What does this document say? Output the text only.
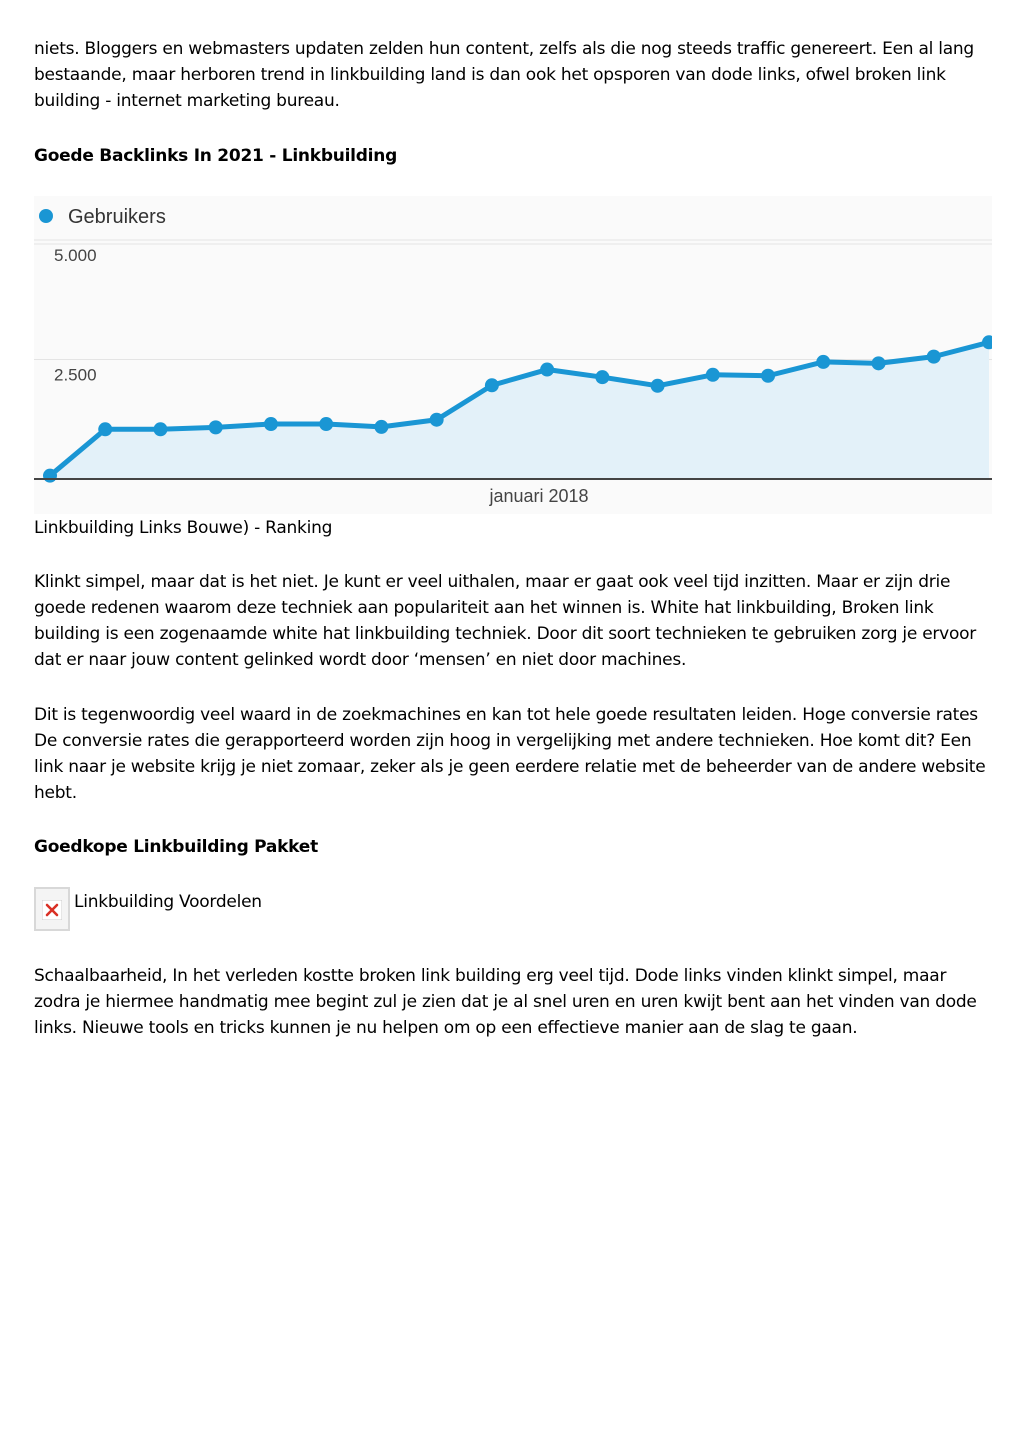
niets. Bloggers en webmasters updaten zelden hun content, zelfs als die nog steeds traffic genereert. Een al lang bestaande, maar herboren trend in linkbuilding land is dan ook het opsporen van dode links, ofwel broken link building - internet marketing bureau.

Goede Backlinks In 2021 - Linkbuilding
Gebruikers
5.000
2.500
januari 2018

Linkbuilding Links Bouwe) - Ranking

Klinkt simpel, maar dat is het niet. Je kunt er veel uithalen, maar er gaat ook veel tijd inzitten. Maar er zijn drie goede redenen waarom deze techniek aan populariteit aan het winnen is. White hat linkbuilding, Broken link building is een zogenaamde white hat linkbuilding techniek. Door dit soort technieken te gebruiken zorg je ervoor dat er naar jouw content gelinked wordt door ‘mensen’ en niet door machines.

Dit is tegenwoordig veel waard in de zoekmachines en kan tot hele goede resultaten leiden. Hoge conversie rates De conversie rates die gerapporteerd worden zijn hoog in vergelijking met andere technieken. Hoe komt dit? Een link naar je website krijg je niet zomaar, zeker als je geen eerdere relatie met de beheerder van de andere website hebt.

Goedkope Linkbuilding Pakket
Linkbuilding Voordelen

Schaalbaarheid, In het verleden kostte broken link building erg veel tijd. Dode links vinden klinkt simpel, maar zodra je hiermee handmatig mee begint zul je zien dat je al snel uren en uren kwijt bent aan het vinden van dode links. Nieuwe tools en tricks kunnen je nu helpen om op een effectieve manier aan de slag te gaan.
